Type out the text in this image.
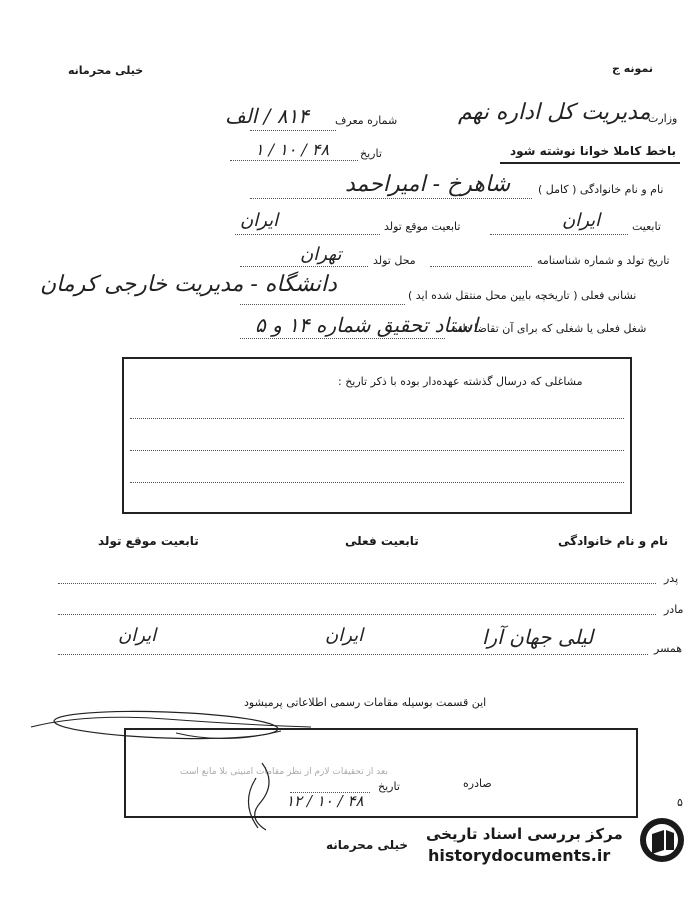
نمونه ج
خیلی محرمانه
وزارت
مدیریت کل اداره نهم
شماره معرف
۸۱۴ / الف
تاریخ
۴۸ / ۱۰ / ۱	باخط کاملا خوانا نوشته شود
نام و نام خانوادگی ( کامل )
شاهرخ - امیراحمد
تابعیت
ایران
تابعیت موقع تولد
ایران
تاریخ تولد و شماره شناسنامه
محل تولد
تهران
نشانی فعلی ( تاریخچه بایین محل منتقل شده اید )
دانشگاه - مدیریت خارجی کرمان
شغل فعلی یا شغلی که برای آن تقاضا داده
استاد تحقیق شماره ۱۴ و ۵
مشاغلی که درسال گذشته عهده‌دار بوده با ذکر تاریخ :
نام و نام خانوادگی
تابعیت فعلی
تابعیت موقع تولد
پدر
مادر
همسر
لیلی جهان آرا
ایران
ایران
این قسمت بوسیله مقامات رسمی اطلاعاتی پرمیشود
بعد از تحقیقات لازم از نظر مقامات امنیتی بلا مانع است
صادره
تاریخ
۴۸ / ۱۰ / ۱۲	۵
خیلی محرمانه
مرکز بررسی اسناد تاریخی
historydocuments.ir
